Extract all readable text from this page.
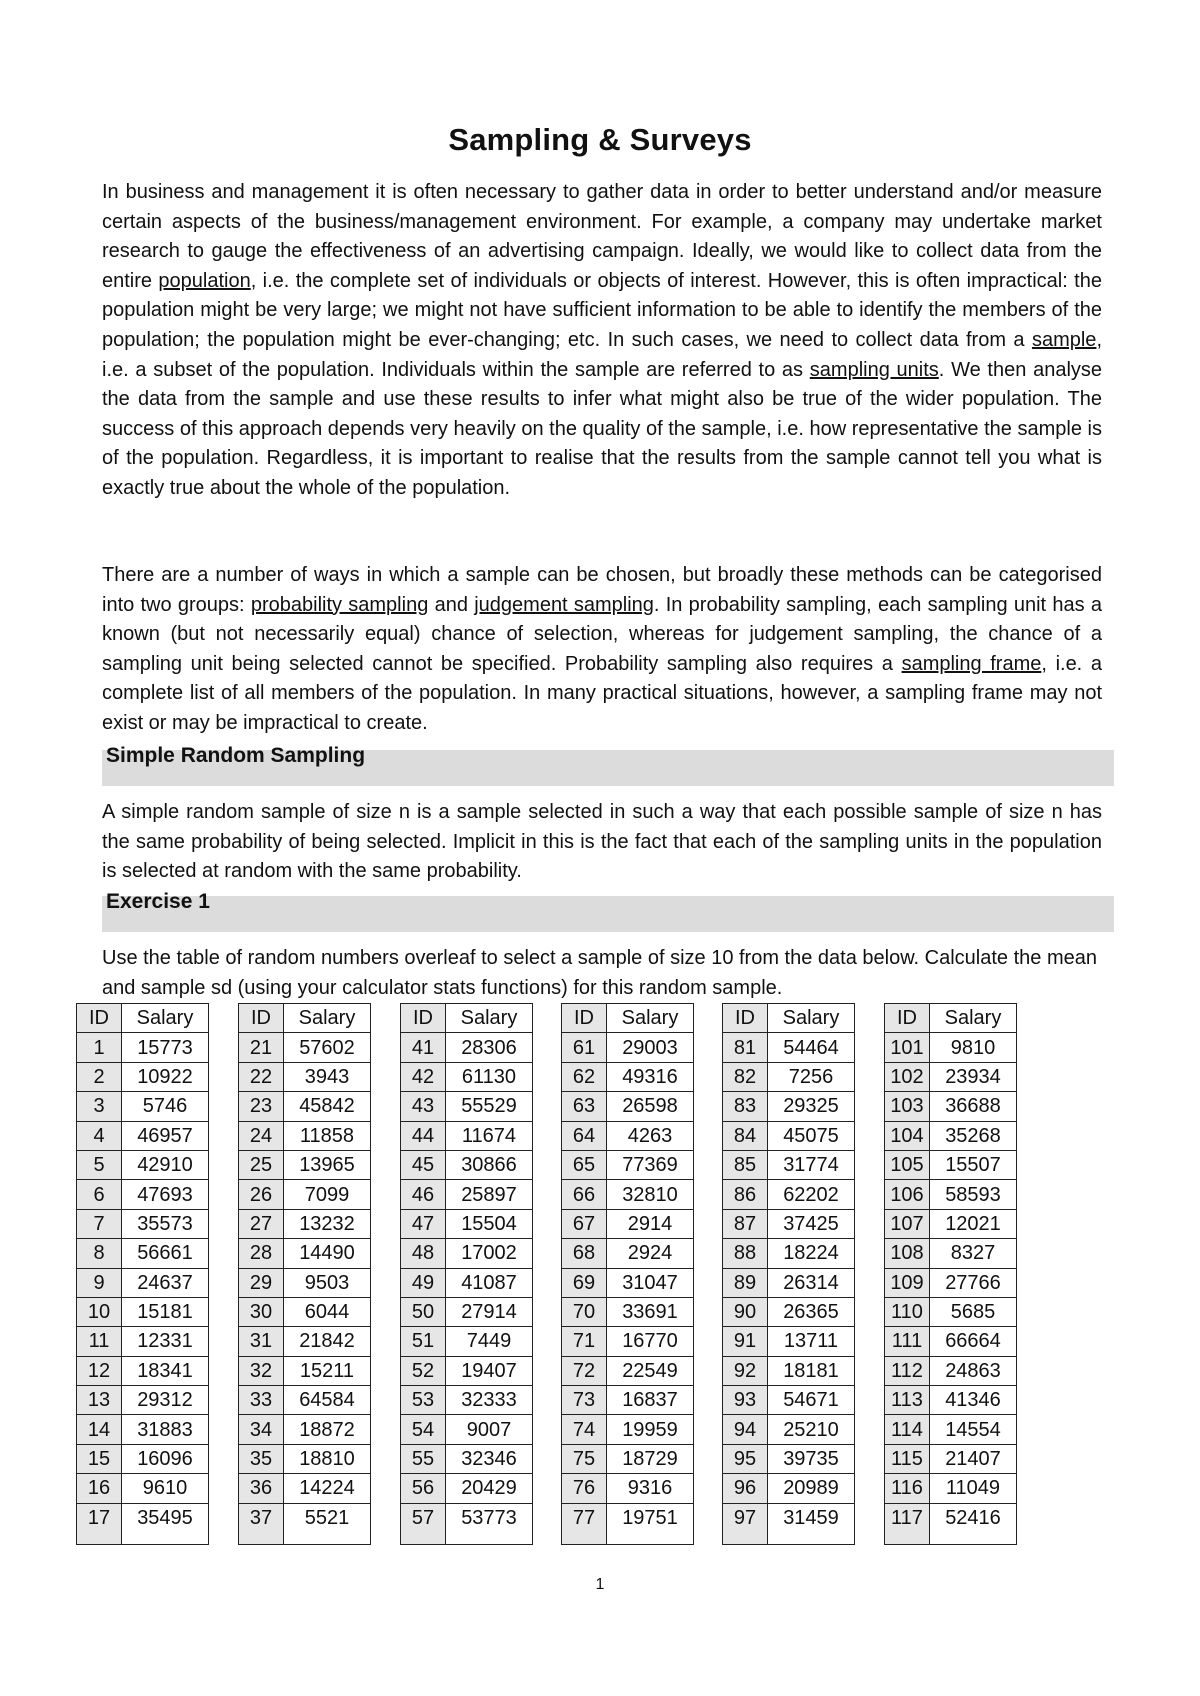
Sampling & Surveys
In business and management it is often necessary to gather data in order to better understand and/or measure certain aspects of the business/management environment. For example, a company may undertake market research to gauge the effectiveness of an advertising campaign. Ideally, we would like to collect data from the entire population, i.e. the complete set of individuals or objects of interest. However, this is often impractical: the population might be very large; we might not have sufficient information to be able to identify the members of the population; the population might be ever-changing; etc. In such cases, we need to collect data from a sample, i.e. a subset of the population. Individuals within the sample are referred to as sampling units. We then analyse the data from the sample and use these results to infer what might also be true of the wider population. The success of this approach depends very heavily on the quality of the sample, i.e. how representative the sample is of the population. Regardless, it is important to realise that the results from the sample cannot tell you what is exactly true about the whole of the population.
There are a number of ways in which a sample can be chosen, but broadly these methods can be categorised into two groups: probability sampling and judgement sampling. In probability sampling, each sampling unit has a known (but not necessarily equal) chance of selection, whereas for judgement sampling, the chance of a sampling unit being selected cannot be specified. Probability sampling also requires a sampling frame, i.e. a complete list of all members of the population. In many practical situations, however, a sampling frame may not exist or may be impractical to create.
Simple Random Sampling
A simple random sample of size n is a sample selected in such a way that each possible sample of size n has the same probability of being selected. Implicit in this is the fact that each of the sampling units in the population is selected at random with the same probability.
Exercise 1
Use the table of random numbers overleaf to select a sample of size 10 from the data below. Calculate the mean and sample sd (using your calculator stats functions) for this random sample.
ID	Salary
1	15773
2	10922
3	5746
4	46957
5	42910
6	47693
7	35573
8	56661
9	24637
10	15181
11	12331
12	18341
13	29312
14	31883
15	16096
16	9610
17	35495
ID	Salary
21	57602
22	3943
23	45842
24	11858
25	13965
26	7099
27	13232
28	14490
29	9503
30	6044
31	21842
32	15211
33	64584
34	18872
35	18810
36	14224
37	5521
ID	Salary
41	28306
42	61130
43	55529
44	11674
45	30866
46	25897
47	15504
48	17002
49	41087
50	27914
51	7449
52	19407
53	32333
54	9007
55	32346
56	20429
57	53773
ID	Salary
61	29003
62	49316
63	26598
64	4263
65	77369
66	32810
67	2914
68	2924
69	31047
70	33691
71	16770
72	22549
73	16837
74	19959
75	18729
76	9316
77	19751
ID	Salary
81	54464
82	7256
83	29325
84	45075
85	31774
86	62202
87	37425
88	18224
89	26314
90	26365
91	13711
92	18181
93	54671
94	25210
95	39735
96	20989
97	31459
ID	Salary
101	9810
102	23934
103	36688
104	35268
105	15507
106	58593
107	12021
108	8327
109	27766
110	5685
111	66664
112	24863
113	41346
114	14554
115	21407
116	11049
117	52416
1
